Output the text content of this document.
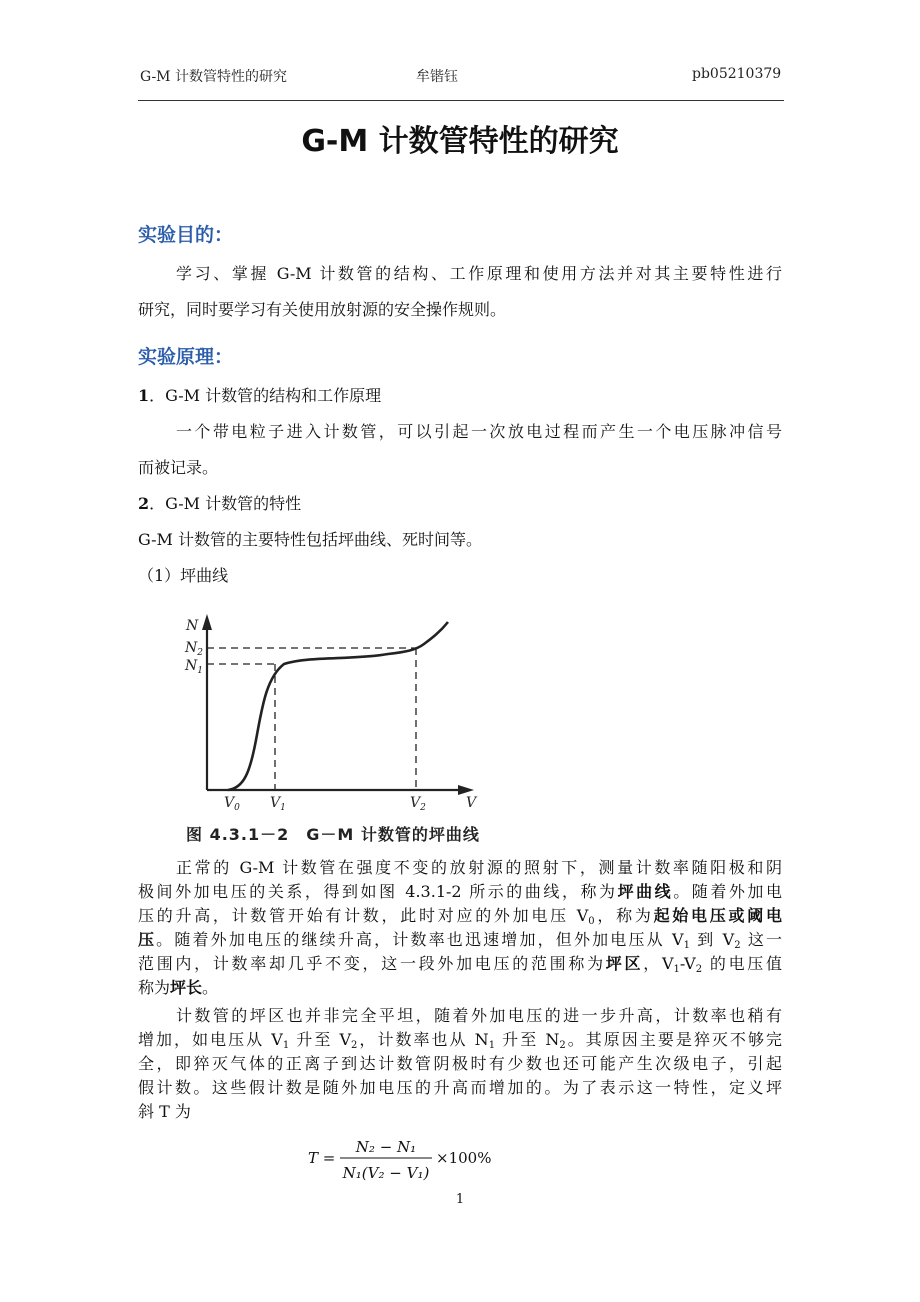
G-M 计数管特性的研究	牟锴钰	pb05210379
G-M 计数管特性的研究
实验目的：
学习、掌握 G-M 计数管的结构、工作原理和使用方法并对其主要特性进行
研究，同时要学习有关使用放射源的安全操作规则。
实验原理：
1．G-M 计数管的结构和工作原理
一个带电粒子进入计数管，可以引起一次放电过程而产生一个电压脉冲信号
而被记录。
2．G-M 计数管的特性
G-M 计数管的主要特性包括坪曲线、死时间等。
（1）坪曲线
N
$N_2$
$N_1$
$V_0$ $V_1$	$V_2$	V
图 4.3.1－2　G－M 计数管的坪曲线
正常的 G-M 计数管在强度不变的放射源的照射下，测量计数率随阳极和阴
极间外加电压的关系，得到如图 4.3.1-2 所示的曲线，称为坪曲线。随着外加电
压的升高，计数管开始有计数，此时对应的外加电压 $V_0$，称为起始电压或阈电
压。随着外加电压的继续升高，计数率也迅速增加，但外加电压从 $V_1$ 到 $V_2$ 这一
范围内，计数率却几乎不变，这一段外加电压的范围称为坪区，$V_1-V_2$ 的电压值
称为坪长。
计数管的坪区也并非完全平坦，随着外加电压的进一步升高，计数率也稍有
增加，如电压从 $V_1$ 升至 $V_2$，计数率也从 $N_1$ 升至 $N_2$。其原因主要是猝灭不够完
全，即猝灭气体的正离子到达计数管阴极时有少数也还可能产生次级电子，引起
假计数。这些假计数是随外加电压的升高而增加的。为了表示这一特性，定义坪
斜 T 为
T =
N₂ − N₁
N₁(V₂ − V₁)
×100%
1
